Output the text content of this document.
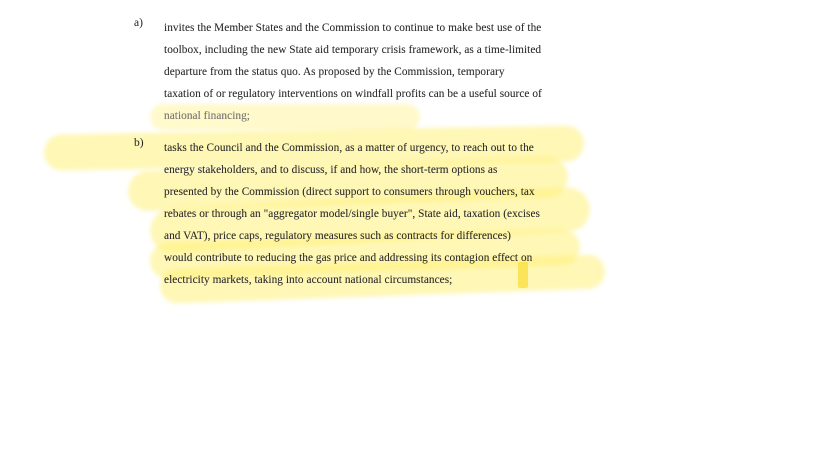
a) invites the Member States and the Commission to continue to make best use of the
toolbox, including the new State aid temporary crisis framework, as a time-limited
departure from the status quo. As proposed by the Commission, temporary
taxation of or regulatory interventions on windfall profits can be a useful source of
national financing;
b) tasks the Council and the Commission, as a matter of urgency, to reach out to the
energy stakeholders, and to discuss, if and how, the short-term options as
presented by the Commission (direct support to consumers through vouchers, tax
rebates or through an "aggregator model/single buyer", State aid, taxation (excises
and VAT), price caps, regulatory measures such as contracts for differences)
would contribute to reducing the gas price and addressing its contagion effect on
electricity markets, taking into account national circumstances;
